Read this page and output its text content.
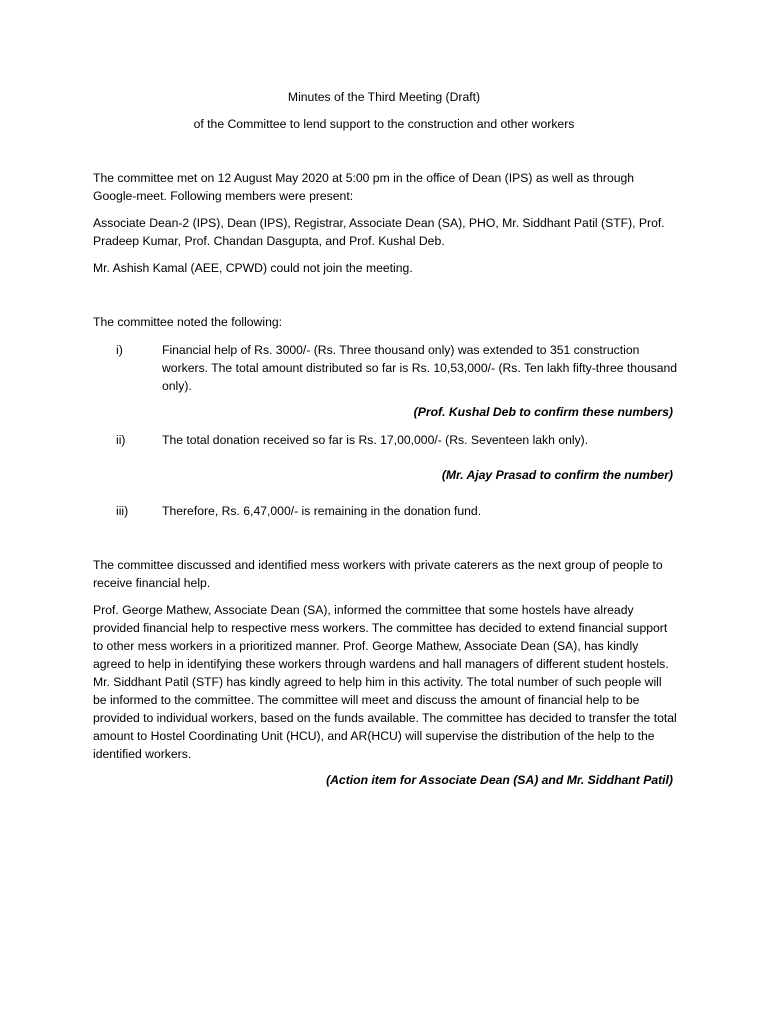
Minutes of the Third Meeting (Draft)
of the Committee to lend support to the construction and other workers
The committee met on 12 August May 2020 at 5:00 pm in the office of Dean (IPS) as well as through Google-meet. Following members were present:
Associate Dean-2 (IPS), Dean (IPS), Registrar, Associate Dean (SA), PHO, Mr. Siddhant Patil (STF), Prof. Pradeep Kumar, Prof. Chandan Dasgupta, and Prof. Kushal Deb.
Mr. Ashish Kamal (AEE, CPWD) could not join the meeting.
The committee noted the following:
i)	Financial help of Rs. 3000/- (Rs. Three thousand only) was extended to 351 construction workers. The total amount distributed so far is Rs. 10,53,000/- (Rs. Ten lakh fifty-three thousand only).
(Prof. Kushal Deb to confirm these numbers)
ii)	The total donation received so far is Rs. 17,00,000/- (Rs. Seventeen lakh only).
(Mr. Ajay Prasad to confirm the number)
iii)	Therefore, Rs. 6,47,000/- is remaining in the donation fund.
The committee discussed and identified mess workers with private caterers as the next group of people to receive financial help.
Prof. George Mathew, Associate Dean (SA), informed the committee that some hostels have already provided financial help to respective mess workers. The committee has decided to extend financial support to other mess workers in a prioritized manner. Prof. George Mathew, Associate Dean (SA), has kindly agreed to help in identifying these workers through wardens and hall managers of different student hostels. Mr. Siddhant Patil (STF) has kindly agreed to help him in this activity. The total number of such people will be informed to the committee. The committee will meet and discuss the amount of financial help to be provided to individual workers, based on the funds available. The committee has decided to transfer the total amount to Hostel Coordinating Unit (HCU), and AR(HCU) will supervise the distribution of the help to the identified workers.
(Action item for Associate Dean (SA) and Mr. Siddhant Patil)
